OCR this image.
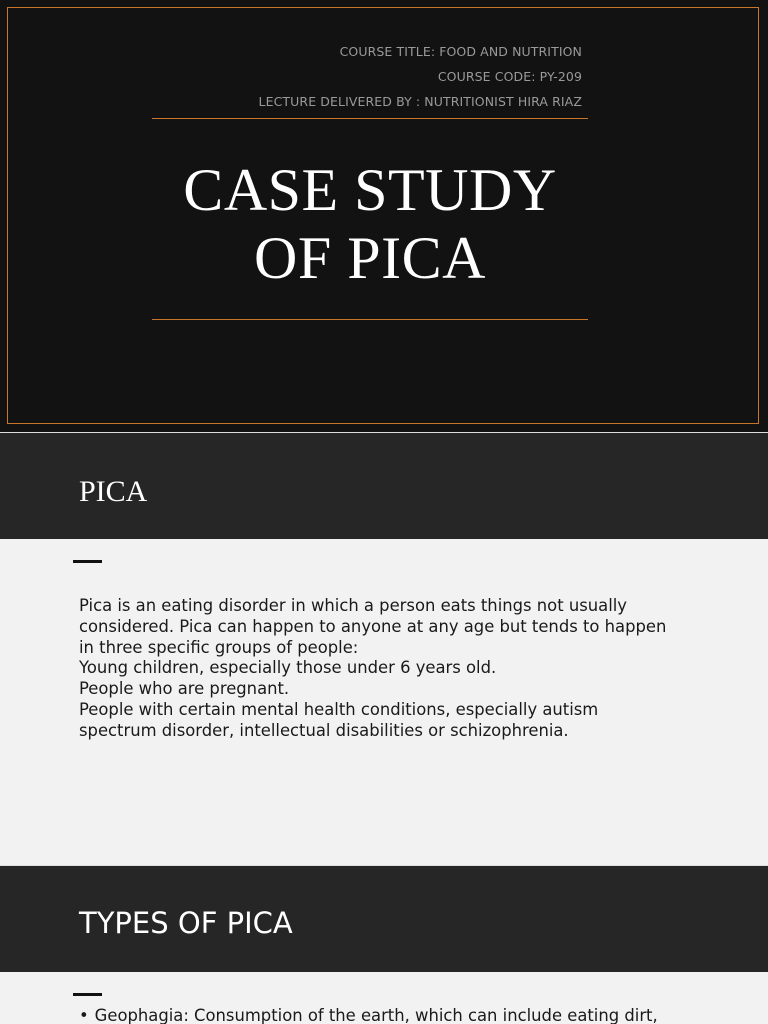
COURSE TITLE: FOOD AND NUTRITION
COURSE CODE: PY-209
LECTURE DELIVERED BY : NUTRITIONIST HIRA RIAZ
CASE STUDY
OF PICA
PICA
Pica is an eating disorder in which a person eats things not usually
considered. Pica can happen to anyone at any age but tends to happen
in three specific groups of people:
Young children, especially those under 6 years old.
People who are pregnant.
People with certain mental health conditions, especially autism
spectrum disorder, intellectual disabilities or schizophrenia.
TYPES OF PICA
• Geophagia: Consumption of the earth, which can include eating dirt,
